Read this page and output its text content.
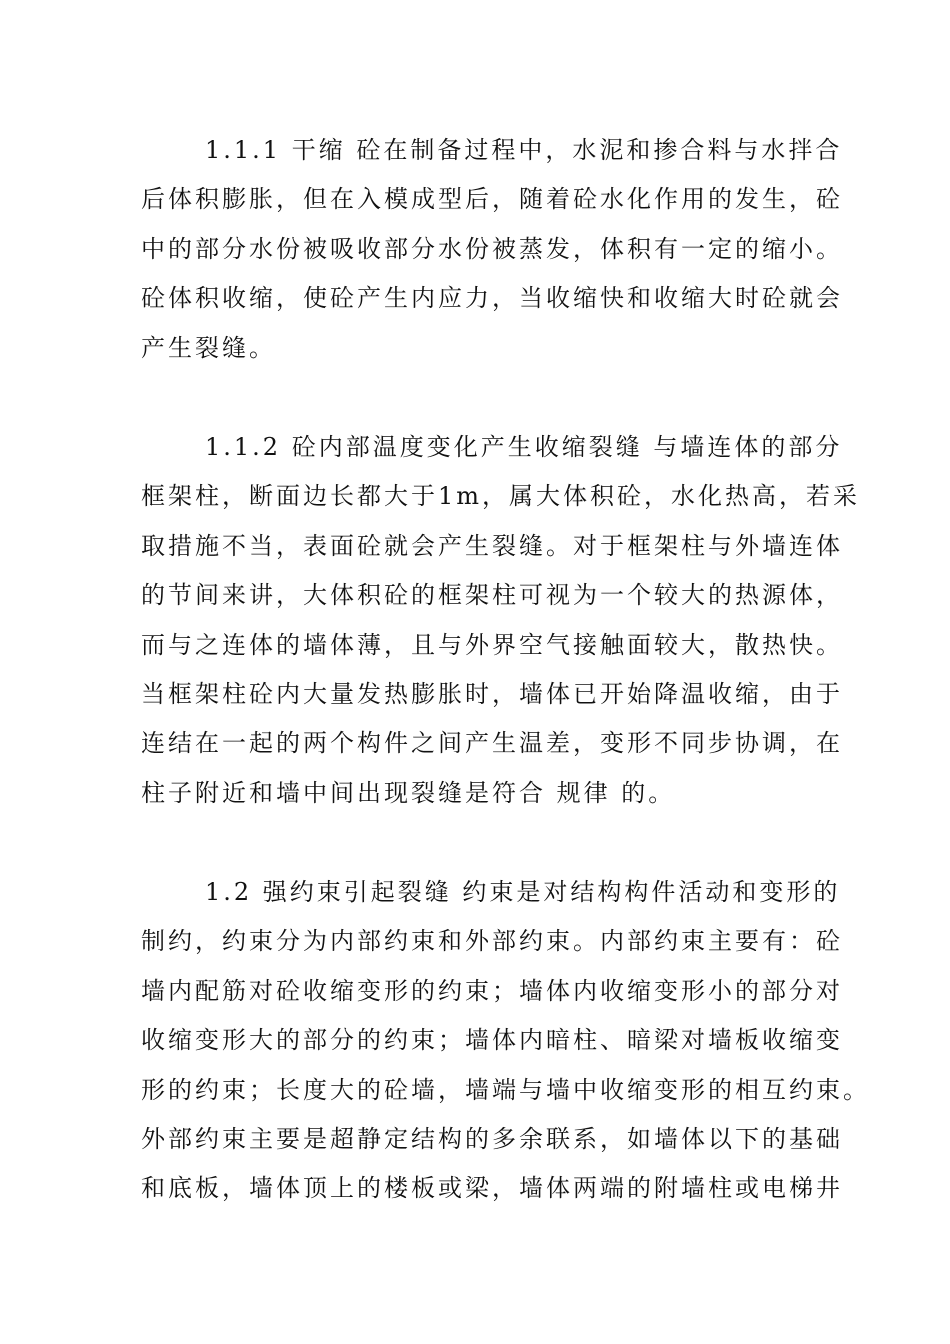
1.1.1 干缩 砼在制备过程中，水泥和掺合料与水拌合
后体积膨胀，但在入模成型后，随着砼水化作用的发生，砼
中的部分水份被吸收部分水份被蒸发，体积有一定的缩小。
砼体积收缩，使砼产生内应力，当收缩快和收缩大时砼就会
产生裂缝。
1.1.2 砼内部温度变化产生收缩裂缝 与墙连体的部分
框架柱，断面边长都大于1m，属大体积砼，水化热高，若采
取措施不当，表面砼就会产生裂缝。对于框架柱与外墙连体
的节间来讲，大体积砼的框架柱可视为一个较大的热源体，
而与之连体的墙体薄，且与外界空气接触面较大，散热快。
当框架柱砼内大量发热膨胀时，墙体已开始降温收缩，由于
连结在一起的两个构件之间产生温差，变形不同步协调，在
柱子附近和墙中间出现裂缝是符合 规律 的。
1.2 强约束引起裂缝 约束是对结构构件活动和变形的
制约，约束分为内部约束和外部约束。内部约束主要有：砼
墙内配筋对砼收缩变形的约束；墙体内收缩变形小的部分对
收缩变形大的部分的约束；墙体内暗柱、暗梁对墙板收缩变
形的约束；长度大的砼墙，墙端与墙中收缩变形的相互约束。
外部约束主要是超静定结构的多余联系，如墙体以下的基础
和底板，墙体顶上的楼板或梁，墙体两端的附墙柱或电梯井
